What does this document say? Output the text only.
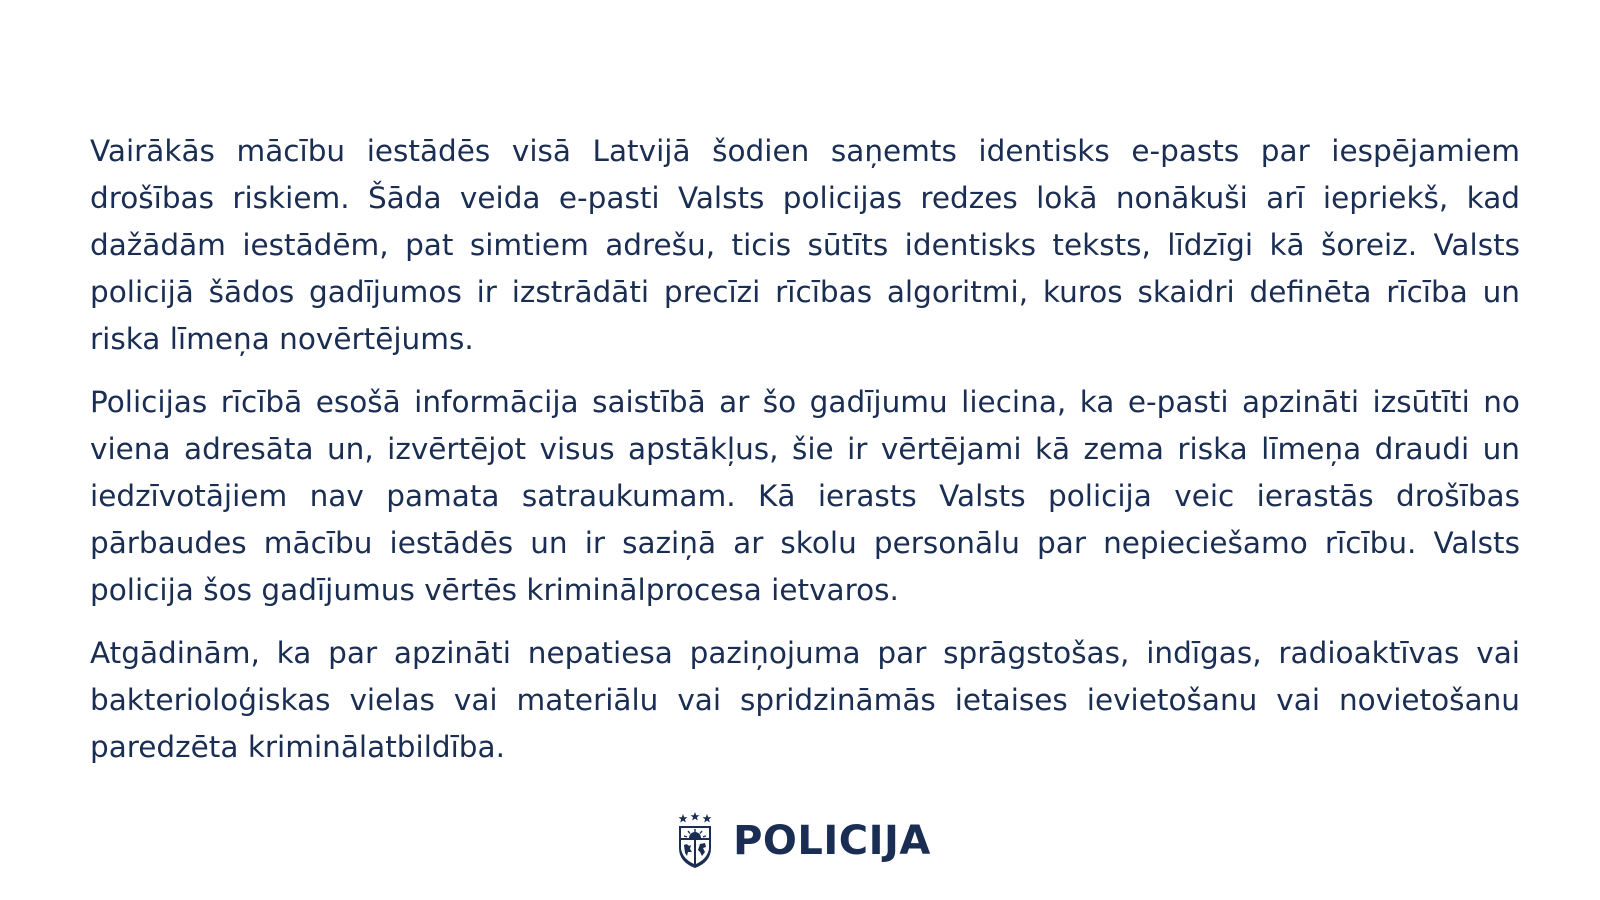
Vairākās mācību iestādēs visā Latvijā šodien saņemts identisks e-pasts par iespējamiem drošības riskiem. Šāda veida e-pasti Valsts policijas redzes lokā nonākuši arī iepriekš, kad dažādām iestādēm, pat simtiem adrešu, ticis sūtīts identisks teksts, līdzīgi kā šoreiz. Valsts policijā šādos gadījumos ir izstrādāti precīzi rīcības algoritmi, kuros skaidri definēta rīcība un riska līmeņa novērtējums.

Policijas rīcībā esošā informācija saistībā ar šo gadījumu liecina, ka e-pasti apzināti izsūtīti no viena adresāta un, izvērtējot visus apstākļus, šie ir vērtējami kā zema riska līmeņa draudi un iedzīvotājiem nav pamata satraukumam. Kā ierasts Valsts policija veic ierastās drošības pārbaudes mācību iestādēs un ir saziņā ar skolu personālu par nepieciešamo rīcību. Valsts policija šos gadījumus vērtēs kriminālprocesa ietvaros.

Atgādinām, ka par apzināti nepatiesa paziņojuma par sprāgstošas, indīgas, radioaktīvas vai bakterioloģiskas vielas vai materiālu vai spridzināmās ietaises ievietošanu vai novietošanu paredzēta kriminālatbildība.

POLICIJA
